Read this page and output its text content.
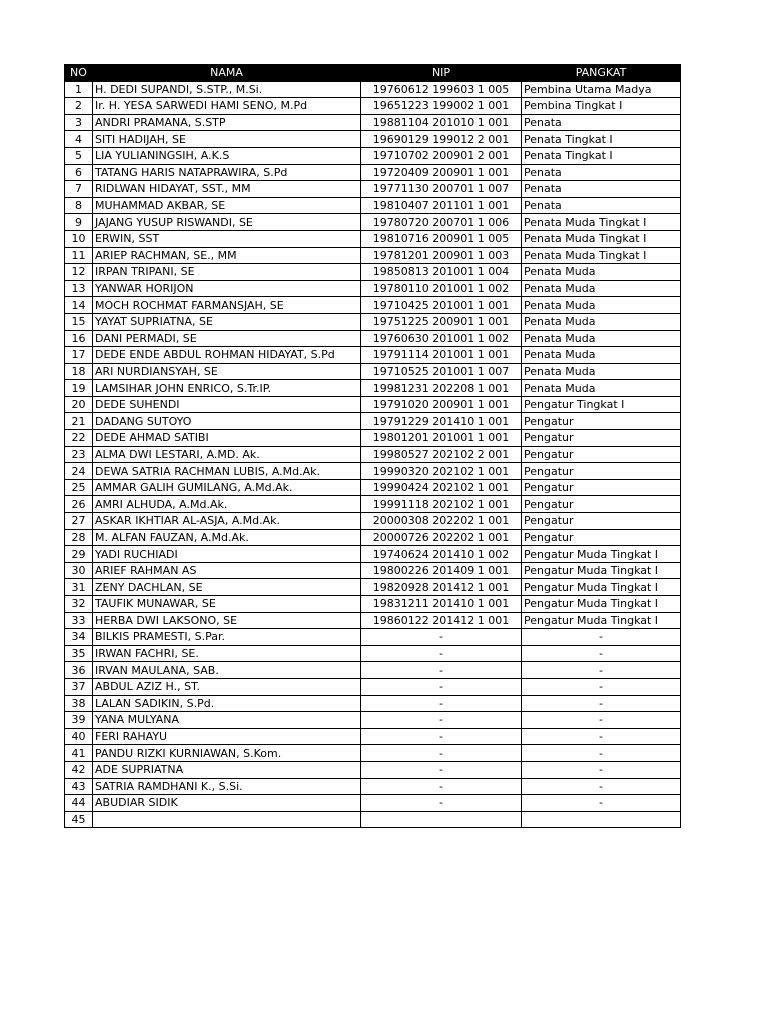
NO	NAMA	NIP	PANGKAT
1	H. DEDI SUPANDI, S.STP., M.Si.	19760612 199603 1 005	Pembina Utama Madya
2	Ir. H. YESA SARWEDI HAMI SENO, M.Pd	19651223 199002 1 001	Pembina Tingkat I
3	ANDRI PRAMANA, S.STP	19881104 201010 1 001	Penata
4	SITI HADIJAH, SE	19690129 199012 2 001	Penata Tingkat I
5	LIA YULIANINGSIH, A.K.S	19710702 200901 2 001	Penata Tingkat I
6	TATANG HARIS NATAPRAWIRA, S.Pd	19720409 200901 1 001	Penata
7	RIDLWAN HIDAYAT, SST., MM	19771130 200701 1 007	Penata
8	MUHAMMAD AKBAR, SE	19810407 201101 1 001	Penata
9	JAJANG YUSUP RISWANDI, SE	19780720 200701 1 006	Penata Muda Tingkat I
10	ERWIN, SST	19810716 200901 1 005	Penata Muda Tingkat I
11	ARIEP RACHMAN, SE., MM	19781201 200901 1 003	Penata Muda Tingkat I
12	IRPAN TRIPANI, SE	19850813 201001 1 004	Penata Muda
13	YANWAR HORIJON	19780110 201001 1 002	Penata Muda
14	MOCH ROCHMAT FARMANSJAH, SE	19710425 201001 1 001	Penata Muda
15	YAYAT SUPRIATNA, SE	19751225 200901 1 001	Penata Muda
16	DANI PERMADI, SE	19760630 201001 1 002	Penata Muda
17	DEDE ENDE ABDUL ROHMAN HIDAYAT, S.Pd	19791114 201001 1 001	Penata Muda
18	ARI NURDIANSYAH, SE	19710525 201001 1 007	Penata Muda
19	LAMSIHAR JOHN ENRICO, S.Tr.IP.	19981231 202208 1 001	Penata Muda
20	DEDE SUHENDI	19791020 200901 1 001	Pengatur Tingkat I
21	DADANG SUTOYO	19791229 201410 1 001	Pengatur
22	DEDE AHMAD SATIBI	19801201 201001 1 001	Pengatur
23	ALMA DWI LESTARI, A.MD. Ak.	19980527 202102 2 001	Pengatur
24	DEWA SATRIA RACHMAN LUBIS, A.Md.Ak.	19990320 202102 1 001	Pengatur
25	AMMAR GALIH GUMILANG, A.Md.Ak.	19990424 202102 1 001	Pengatur
26	AMRI ALHUDA, A.Md.Ak.	19991118 202102 1 001	Pengatur
27	ASKAR IKHTIAR AL-ASJA, A.Md.Ak.	20000308 202202 1 001	Pengatur
28	M. ALFAN FAUZAN, A.Md.Ak.	20000726 202202 1 001	Pengatur
29	YADI RUCHIADI	19740624 201410 1 002	Pengatur Muda Tingkat I
30	ARIEF RAHMAN AS	19800226 201409 1 001	Pengatur Muda Tingkat I
31	ZENY DACHLAN, SE	19820928 201412 1 001	Pengatur Muda Tingkat I
32	TAUFIK MUNAWAR, SE	19831211 201410 1 001	Pengatur Muda Tingkat I
33	HERBA DWI LAKSONO, SE	19860122 201412 1 001	Pengatur Muda Tingkat I
34	BILKIS PRAMESTI, S.Par.	-	-
35	IRWAN FACHRI, SE.	-	-
36	IRVAN MAULANA, SAB.	-	-
37	ABDUL AZIZ H., ST.	-	-
38	LALAN SADIKIN, S.Pd.	-	-
39	YANA MULYANA	-	-
40	FERI RAHAYU	-	-
41	PANDU RIZKI KURNIAWAN, S.Kom.	-	-
42	ADE SUPRIATNA	-	-
43	SATRIA RAMDHANI K., S.Si.	-	-
44	ABUDIAR SIDIK	-	-
45			
